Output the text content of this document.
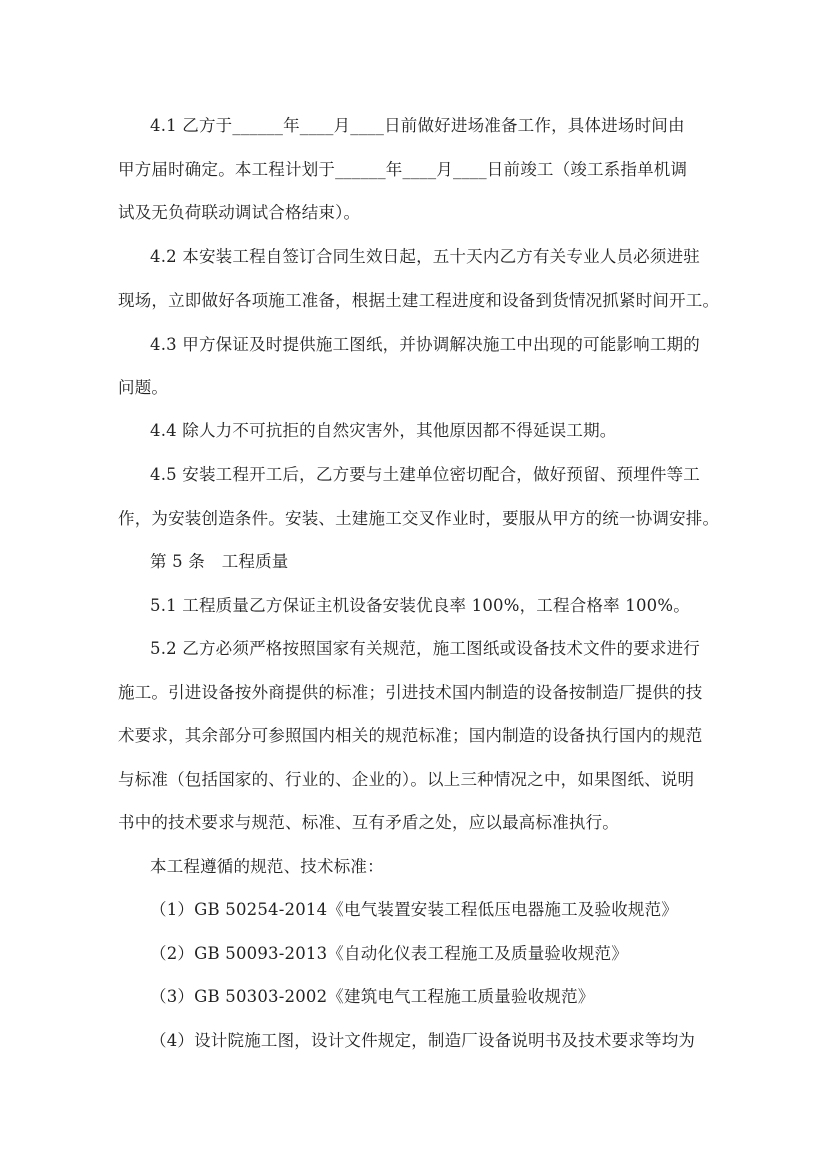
4.1 乙方于______年____月____日前做好进场准备工作，具体进场时间由
甲方届时确定。本工程计划于______年____月____日前竣工（竣工系指单机调
试及无负荷联动调试合格结束）。
4.2 本安装工程自签订合同生效日起，五十天内乙方有关专业人员必须进驻
现场，立即做好各项施工准备，根据土建工程进度和设备到货情况抓紧时间开工。
4.3 甲方保证及时提供施工图纸，并协调解决施工中出现的可能影响工期的
问题。
4.4 除人力不可抗拒的自然灾害外，其他原因都不得延误工期。
4.5 安装工程开工后，乙方要与土建单位密切配合，做好预留、预埋件等工
作，为安装创造条件。安装、土建施工交叉作业时，要服从甲方的统一协调安排。
第 5 条　工程质量
5.1 工程质量乙方保证主机设备安装优良率 100%，工程合格率 100%。
5.2 乙方必须严格按照国家有关规范，施工图纸或设备技术文件的要求进行
施工。引进设备按外商提供的标准；引进技术国内制造的设备按制造厂提供的技
术要求，其余部分可参照国内相关的规范标准；国内制造的设备执行国内的规范
与标准（包括国家的、行业的、企业的）。以上三种情况之中，如果图纸、说明
书中的技术要求与规范、标准、互有矛盾之处，应以最高标准执行。
本工程遵循的规范、技术标准：
（1）GB 50254-2014《电气装置安装工程低压电器施工及验收规范》
（2）GB 50093-2013《自动化仪表工程施工及质量验收规范》
（3）GB 50303-2002《建筑电气工程施工质量验收规范》
（4）设计院施工图，设计文件规定，制造厂设备说明书及技术要求等均为
